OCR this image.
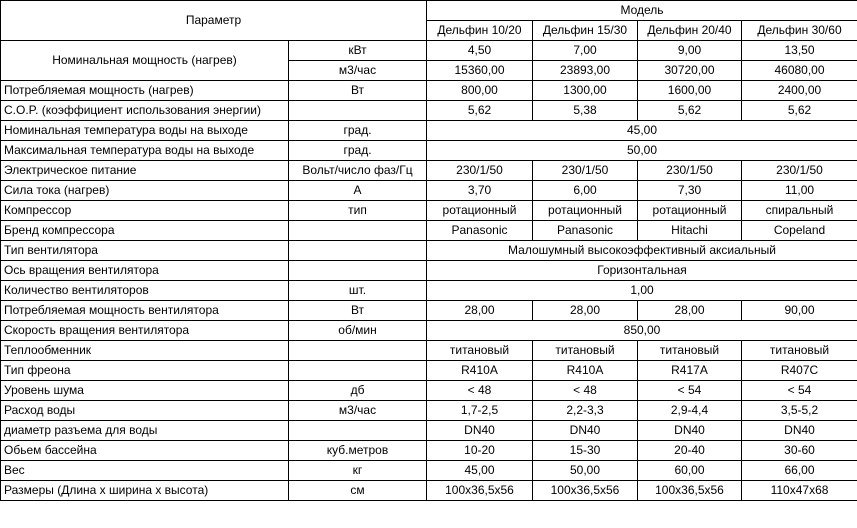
Параметр		Модель			
		Дельфин 10/20	Дельфин 15/30	Дельфин 20/40	Дельфин 30/60
Номинальная мощность (нагрев)	кВт	4,50	7,00	9,00	13,50
	м3/час	15360,00	23893,00	30720,00	46080,00
Потребляемая мощность (нагрев)	Вт	800,00	1300,00	1600,00	2400,00
C.O.P. (коэффициент использования энергии)		5,62	5,38	5,62	5,62
Номинальная температура воды на выходе	град.	45,00			
Максимальная температура воды на выходе	град.	50,00			
Электрическое питание	Вольт/число фаз/Гц	230/1/50	230/1/50	230/1/50	230/1/50
Сила тока (нагрев)	А	3,70	6,00	7,30	11,00
Компрессор	тип	ротационный	ротационный	ротационный	спиральный
Бренд компрессора		Panasonic	Panasonic	Hitachi	Copeland
Тип вентилятора		Малошумный высокоэффективный аксиальный			
Ось вращения вентилятора		Горизонтальная			
Количество вентиляторов	шт.	1,00			
Потребляемая мощность вентилятора	Вт	28,00	28,00	28,00	90,00
Скорость вращения вентилятора	об/мин	850,00			
Теплообменник		титановый	титановый	титановый	титановый
Тип фреона		R410A	R410A	R417A	R407C
Уровень шума	дб	< 48	< 48	< 54	< 54
Расход воды	м3/час	1,7-2,5	2,2-3,3	2,9-4,4	3,5-5,2
диаметр разъема для воды		DN40	DN40	DN40	DN40
Обьем бассейна	куб.метров	10-20	15-30	20-40	30-60
Вес	кг	45,00	50,00	60,00	66,00
Размеры (Длина х ширина х высота)	см	100х36,5х56	100х36,5х56	100х36,5х56	110х47х68
